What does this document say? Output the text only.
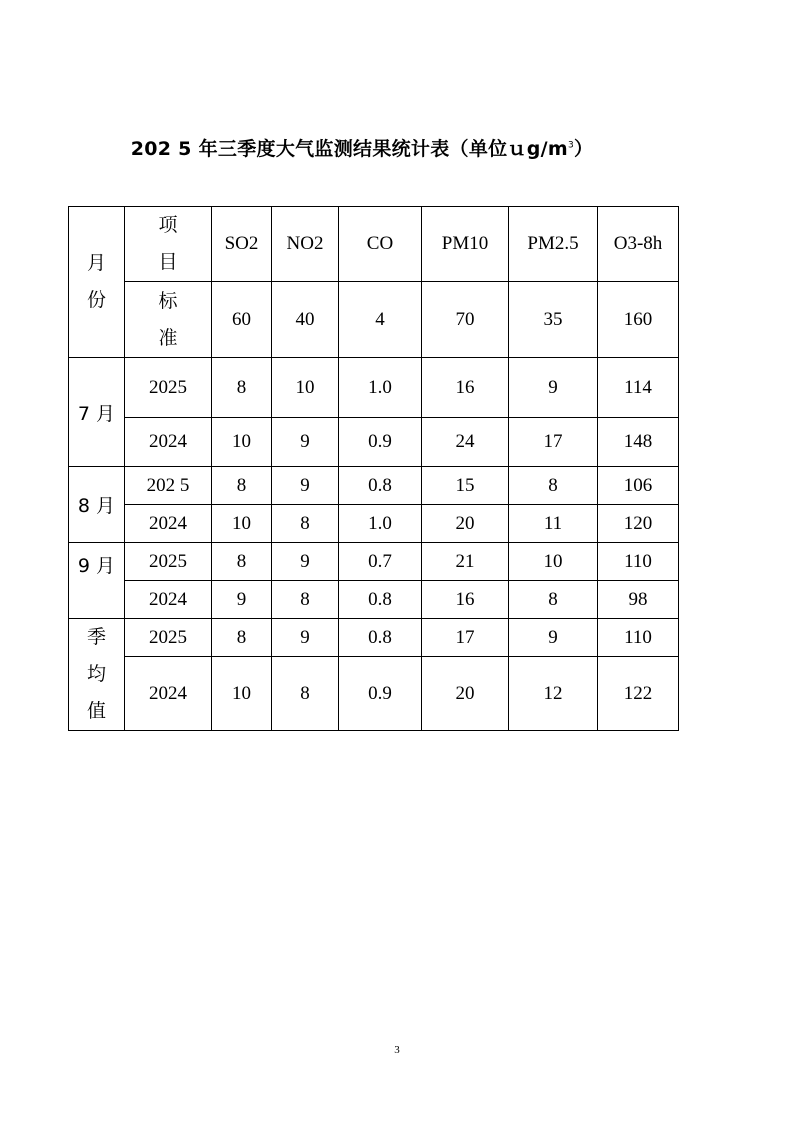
202 5 年三季度大气监测结果统计表（单位$ug/m^3$）
月份	项目	SO2	NO2	CO	PM10	PM2.5	O3-8h

	标准	60	40	4	70	35	160
7 月	2025	8	10	1.0	16	9	114
	2024	10	9	0.9	24	17	148
8 月	202 5	8	9	0.8	15	8	106
	2024	10	8	1.0	20	11	120
9 月	2025	8	9	0.7	21	10	110
	2024	9	8	0.8	16	8	98

季均值	2025	8	9	0.8	17	9	110
	2024	10	8	0.9	20	12	122
3
